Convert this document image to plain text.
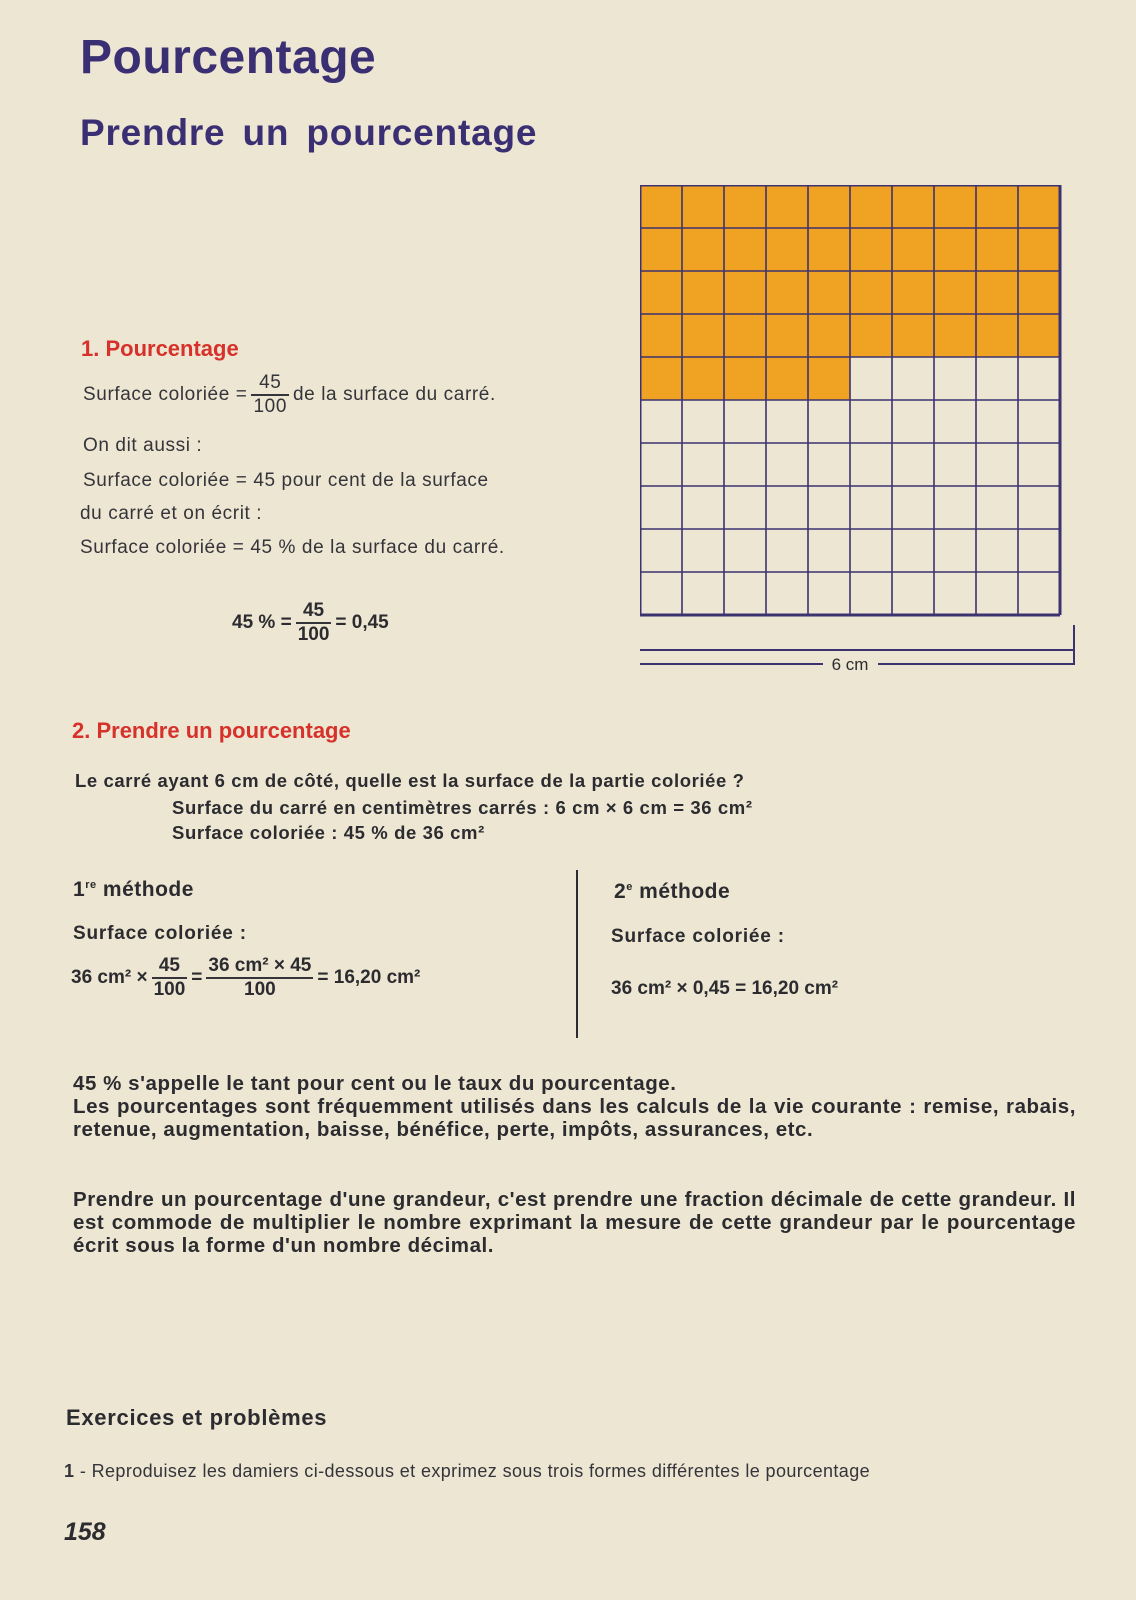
Pourcentage
Prendre un pourcentage
6 cm
1. Pourcentage
Surface coloriée = $\frac{45}{100}$ de la surface du carré.
On dit aussi :
Surface coloriée = 45 pour cent de la surface
du carré et on écrit :
Surface coloriée = 45 % de la surface du carré.
45 % = $\frac{45}{100} = 0,45$
2. Prendre un pourcentage
Le carré ayant 6 cm de côté, quelle est la surface de la partie coloriée ?
Surface du carré en centimètres carrés : 6 cm × 6 cm = 36 cm²
Surface coloriée : 45 % de 36 cm²
1re méthode
Surface coloriée :
36 $cm^2 \times \frac{45}{100} = \frac{\text{36 cm² × 45}}{100} = 16,20$ cm²
2e méthode
Surface coloriée :
36 cm² × 0,45 = 16,20 cm²
45 % s'appelle le tant pour cent ou le taux du pourcentage.
Les pourcentages sont fréquemment utilisés dans les calculs de la vie courante : remise, rabais, retenue, augmentation, baisse, bénéfice, perte, impôts, assurances, etc.
Prendre un pourcentage d'une grandeur, c'est prendre une fraction décimale de cette grandeur. Il est commode de multiplier le nombre exprimant la mesure de cette grandeur par le pourcentage écrit sous la forme d'un nombre décimal.
Exercices et problèmes
1 - Reproduisez les damiers ci-dessous et exprimez sous trois formes différentes le pourcentage
158
